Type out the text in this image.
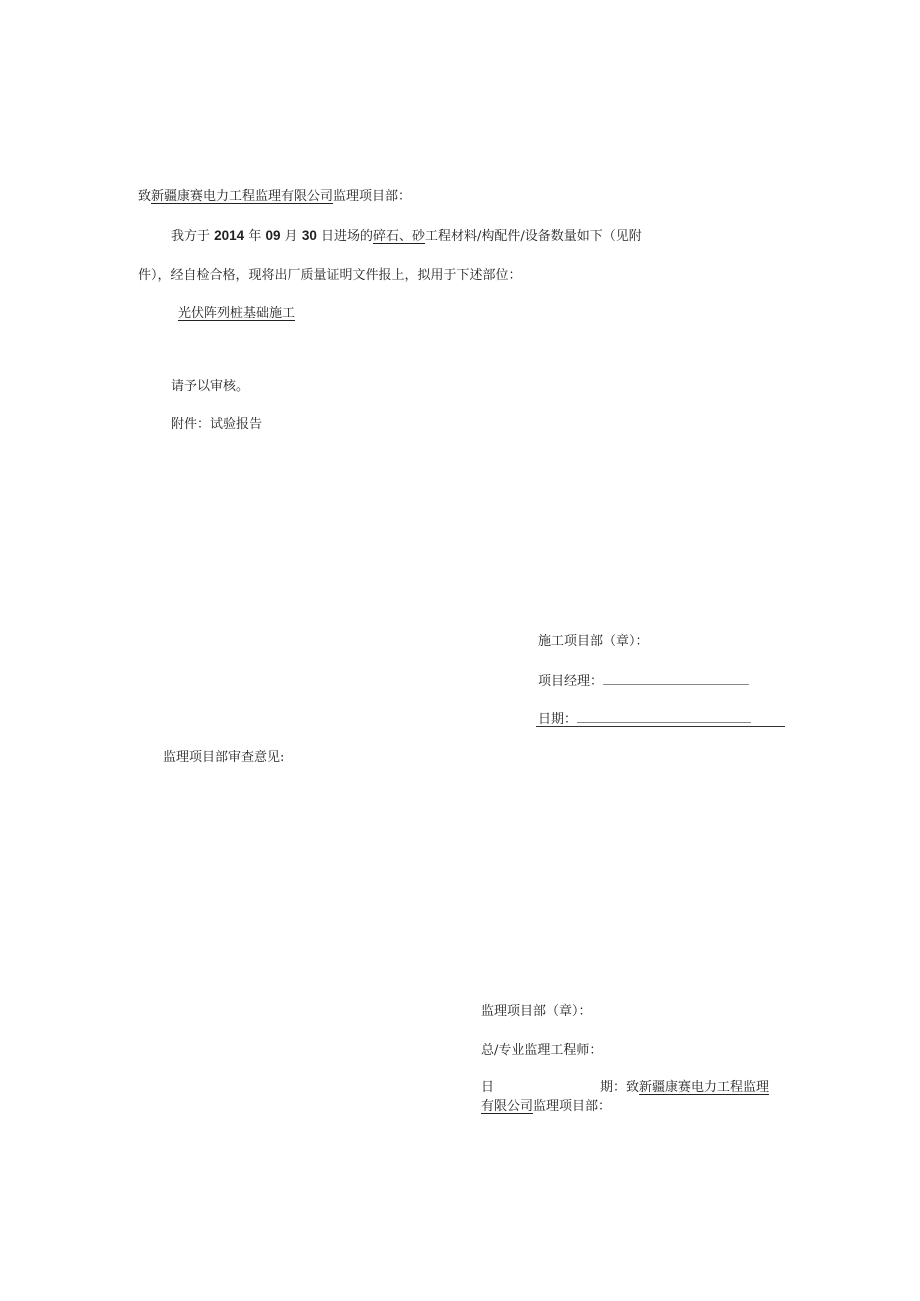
致新疆康赛电力工程监理有限公司监理项目部：
我方于 2014 年 09 月 30 日进场的碎石、砂工程材料/构配件/设备数量如下（见附
件），经自检合格，现将出厂质量证明文件报上，拟用于下述部位：
光伏阵列桩基础施工
请予以审核。
附件：试验报告
施工项目部（章）：
项目经理：
日期：
监理项目部审查意见:
监理项目部（章）：
总/专业监理工程师：
日	期：致新疆康赛电力工程监理
有限公司监理项目部：
